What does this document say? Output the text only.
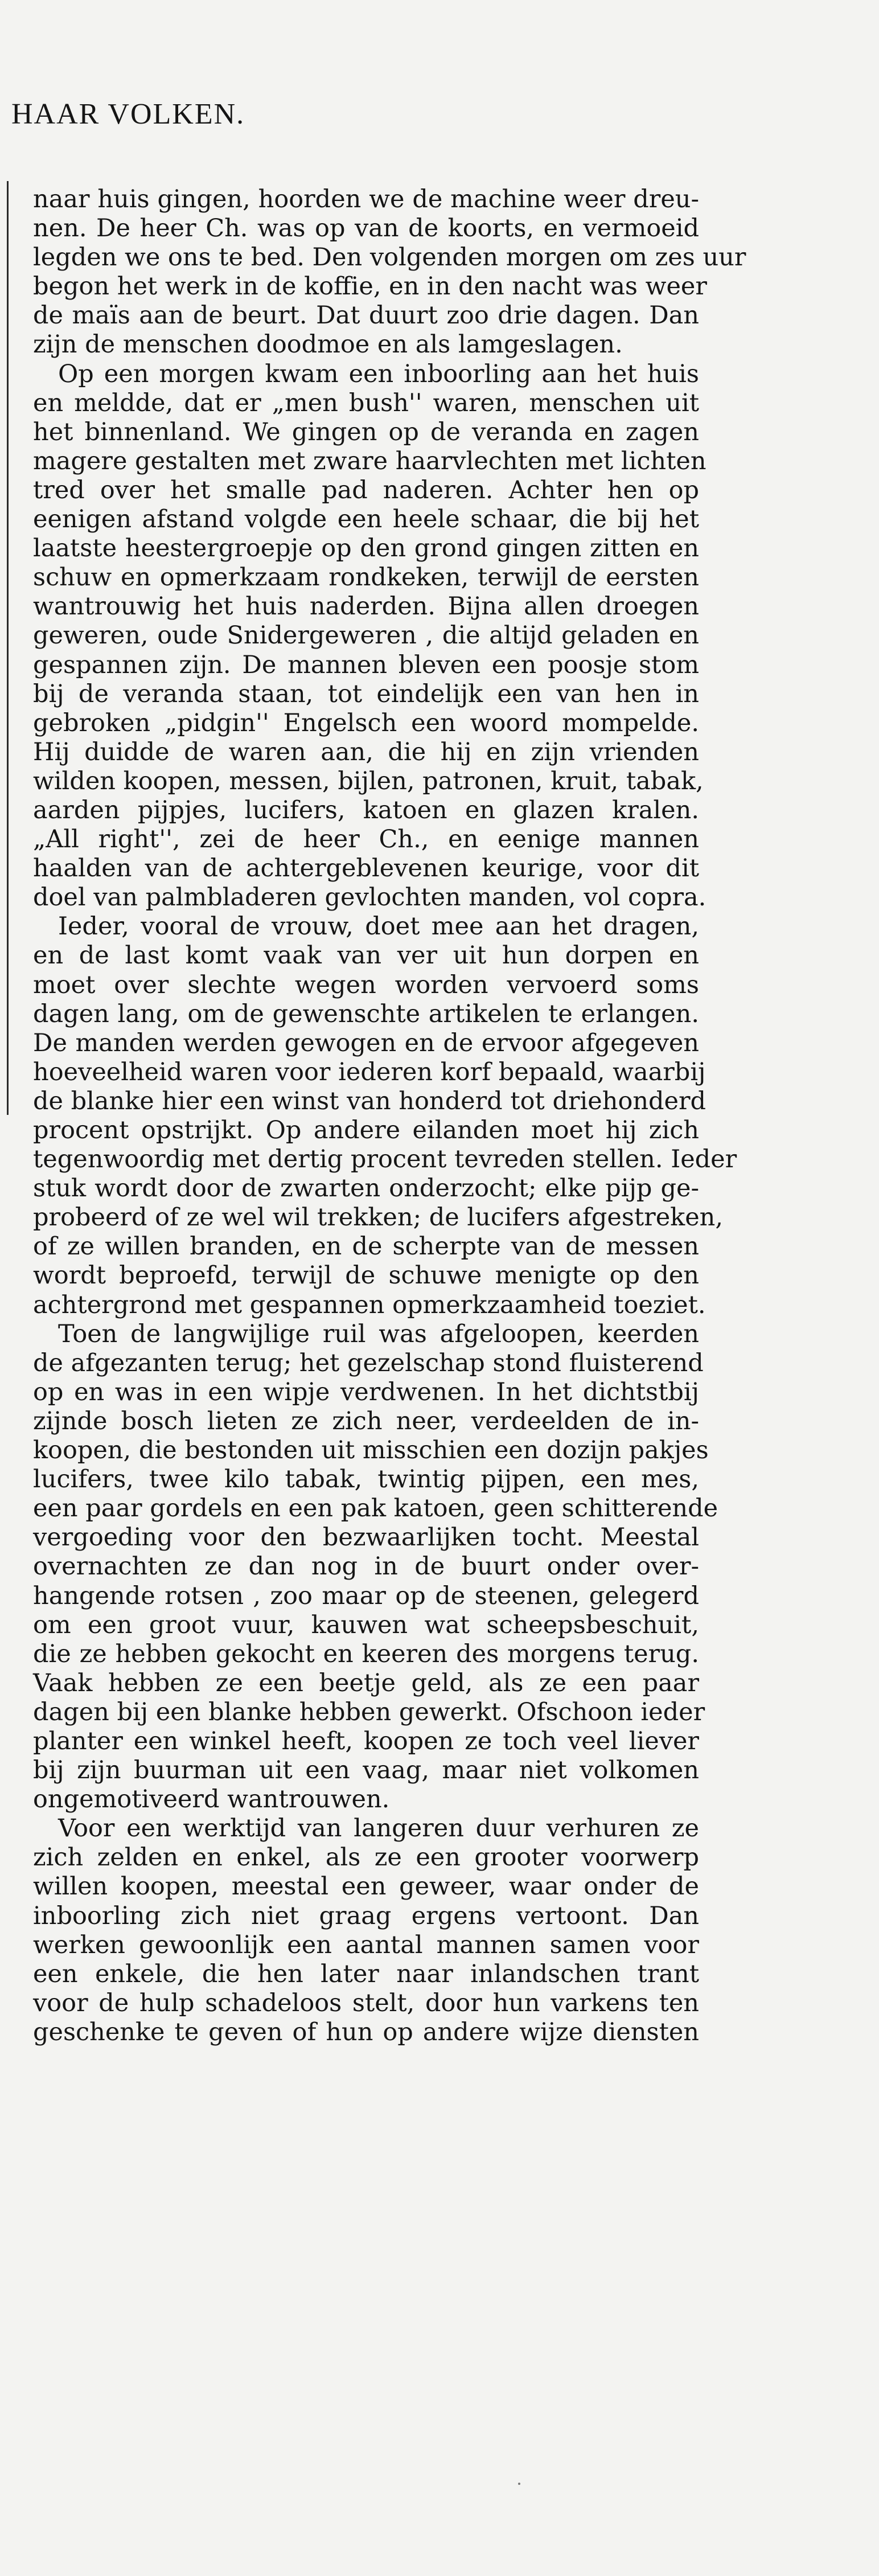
HAAR VOLKEN.
naar huis gingen, hoorden we de machine weer dreu-
nen. De heer Ch. was op van de koorts, en vermoeid
legden we ons te bed. Den volgenden morgen om zes uur
begon het werk in de koffie, en in den nacht was weer
de maïs aan de beurt. Dat duurt zoo drie dagen. Dan
zijn de menschen doodmoe en als lamgeslagen.
Op een morgen kwam een inboorling aan het huis
en meldde, dat er „men bush'' waren, menschen uit
het binnenland. We gingen op de veranda en zagen
magere gestalten met zware haarvlechten met lichten
tred over het smalle pad naderen. Achter hen op
eenigen afstand volgde een heele schaar, die bij het
laatste heestergroepje op den grond gingen zitten en
schuw en opmerkzaam rondkeken, terwijl de eersten
wantrouwig het huis naderden. Bijna allen droegen
geweren, oude Snidergeweren , die altijd geladen en
gespannen zijn. De mannen bleven een poosje stom
bij de veranda staan, tot eindelijk een van hen in
gebroken „pidgin'' Engelsch een woord mompelde.
Hij duidde de waren aan, die hij en zijn vrienden
wilden koopen, messen, bijlen, patronen, kruit, tabak,
aarden pijpjes, lucifers, katoen en glazen kralen.
„All right'', zei de heer Ch., en eenige mannen
haalden van de achtergeblevenen keurige, voor dit
doel van palmbladeren gevlochten manden, vol copra.
Ieder, vooral de vrouw, doet mee aan het dragen,
en de last komt vaak van ver uit hun dorpen en
moet over slechte wegen worden vervoerd soms
dagen lang, om de gewenschte artikelen te erlangen.
De manden werden gewogen en de ervoor afgegeven
hoeveelheid waren voor iederen korf bepaald, waarbij
de blanke hier een winst van honderd tot driehonderd
procent opstrijkt. Op andere eilanden moet hij zich
tegenwoordig met dertig procent tevreden stellen. Ieder
stuk wordt door de zwarten onderzocht; elke pijp ge-
probeerd of ze wel wil trekken; de lucifers afgestreken,
of ze willen branden, en de scherpte van de messen
wordt beproefd, terwijl de schuwe menigte op den
achtergrond met gespannen opmerkzaamheid toeziet.
Toen de langwijlige ruil was afgeloopen, keerden
de afgezanten terug; het gezelschap stond fluisterend
op en was in een wipje verdwenen. In het dichtstbij
zijnde bosch lieten ze zich neer, verdeelden de in-
koopen, die bestonden uit misschien een dozijn pakjes
lucifers, twee kilo tabak, twintig pijpen, een mes,
een paar gordels en een pak katoen, geen schitterende
vergoeding voor den bezwaarlijken tocht. Meestal
overnachten ze dan nog in de buurt onder over-
hangende rotsen , zoo maar op de steenen, gelegerd
om een groot vuur, kauwen wat scheepsbeschuit,
die ze hebben gekocht en keeren des morgens terug.
Vaak hebben ze een beetje geld, als ze een paar
dagen bij een blanke hebben gewerkt. Ofschoon ieder
planter een winkel heeft, koopen ze toch veel liever
bij zijn buurman uit een vaag, maar niet volkomen
ongemotiveerd wantrouwen.
Voor een werktijd van langeren duur verhuren ze
zich zelden en enkel, als ze een grooter voorwerp
willen koopen, meestal een geweer, waar onder de
inboorling zich niet graag ergens vertoont. Dan
werken gewoonlijk een aantal mannen samen voor
een enkele, die hen later naar inlandschen trant
voor de hulp schadeloos stelt, door hun varkens ten
geschenke te geven of hun op andere wijze diensten
